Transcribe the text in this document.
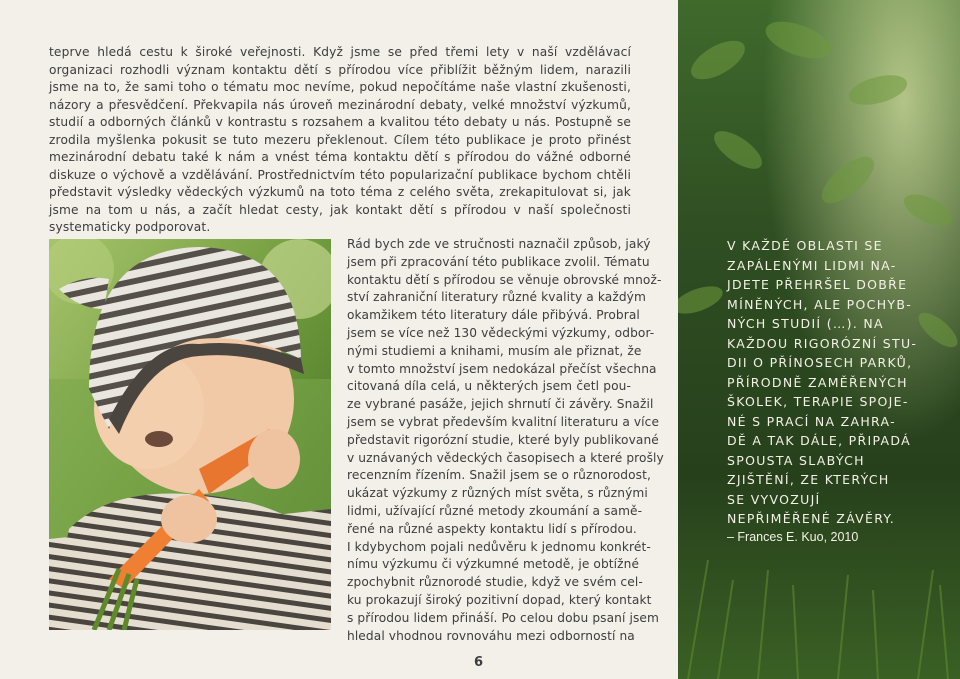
teprve hledá cestu k široké veřejnosti. Když jsme se před třemi lety v naší vzdělávací organizaci rozhodli význam kontaktu dětí s přírodou více přiblížit běžným lidem, narazili jsme na to, že sami toho o tématu moc nevíme, pokud nepočítáme naše vlastní zkušenosti, názory a přesvědčení. Překvapila nás úroveň mezinárodní debaty, velké množství výzkumů, studií a odborných článků v kontrastu s rozsahem a kvalitou této debaty u nás. Postupně se zrodila myšlenka pokusit se tuto mezeru překlenout. Cílem této publikace je proto přinést mezinárodní debatu také k nám a vnést téma kontaktu dětí s přírodou do vážné odborné diskuze o výchově a vzdělávání. Prostřednictvím této popularizační publikace bychom chtěli představit výsledky vědeckých výzkumů na toto téma z celého světa, zrekapitulovat si, jak jsme na tom u nás, a začít hledat cesty, jak kontakt dětí s přírodou v naší společnosti systematicky podporovat.

Rád bych zde ve stručnosti naznačil způsob, jaký
jsem při zpracování této publikace zvolil. Tématu
kontaktu dětí s přírodou se věnuje obrovské množ-
ství zahraniční literatury různé kvality a každým
okamžikem této literatury dále přibývá. Probral
jsem se více než 130 vědeckými výzkumy, odbor-
nými studiemi a knihami, musím ale přiznat, že
v tomto množství jsem nedokázal přečíst všechna
citovaná díla celá, u některých jsem četl pou-
ze vybrané pasáže, jejich shrnutí či závěry. Snažil
jsem se vybrat především kvalitní literaturu a více
představit rigorózní studie, které byly publikované
v uznávaných vědeckých časopisech a které prošly
recenzním řízením. Snažil jsem se o různorodost,
ukázat výzkumy z různých míst světa, s různými
lidmi, užívající různé metody zkoumání a samě-
řené na různé aspekty kontaktu lidí s přírodou.
I kdybychom pojali nedůvěru k jednomu konkrét-
nímu výzkumu či výzkumné metodě, je obtížné
zpochybnit různorodé studie, když ve svém cel-
ku prokazují široký pozitivní dopad, který kontakt
s přírodou lidem přináší. Po celou dobu psaní jsem
hledal vhodnou rovnováhu mezi odborností na
V KAŽDÉ OBLASTI SE
ZAPÁLENÝMI LIDMI NA-
JDETE PŘEHRŠEL DOBŘE
MÍNĚNÝCH, ALE POCHYB-
NÝCH STUDIÍ (…). NA
KAŽDOU RIGORÓZNÍ STU-
DII O PŘÍNOSECH PARKŮ,
PŘÍRODNĚ ZAMĚŘENÝCH
ŠKOLEK, TERAPIE SPOJE-
NÉ S PRACÍ NA ZAHRA-
DĚ A TAK DÁLE, PŘIPADÁ
SPOUSTA SLABÝCH
ZJIŠTĚNÍ, ZE KTERÝCH
SE VYVOZUJÍ
NEPŘIMĚŘENÉ ZÁVĚRY.
– Frances E. Kuo, 2010
6
